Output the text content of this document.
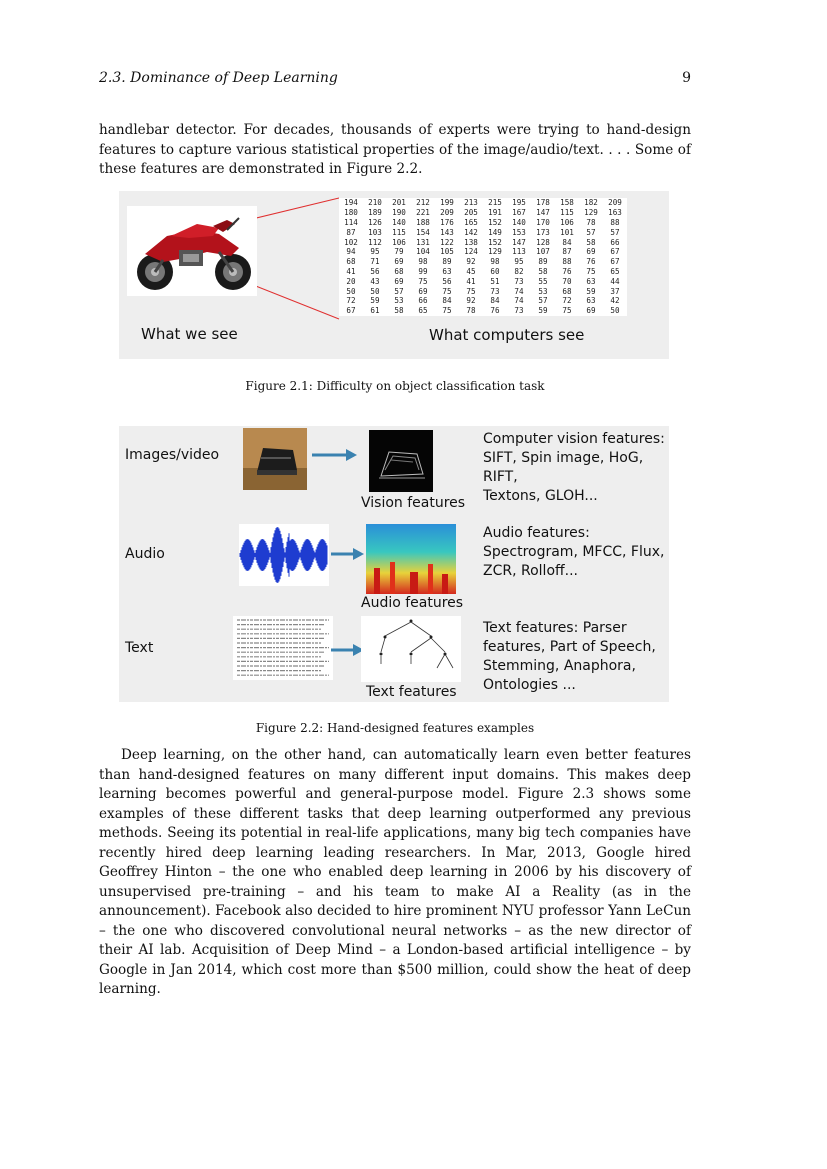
2.3. Dominance of Deep Learning	9
handlebar detector. For decades, thousands of experts were trying to hand-design features to capture various statistical properties of the image/audio/text. . . . Some of these features are demonstrated in Figure 2.2.
194	210	201	212	199	213	215	195	178	158	182	209
180	189	190	221	209	205	191	167	147	115	129	163
114	126	140	188	176	165	152	140	170	106	78	88
87	103	115	154	143	142	149	153	173	101	57	57
102	112	106	131	122	138	152	147	128	84	58	66
94	95	79	104	105	124	129	113	107	87	69	67
68	71	69	98	89	92	98	95	89	88	76	67
41	56	68	99	63	45	60	82	58	76	75	65
20	43	69	75	56	41	51	73	55	70	63	44
50	50	57	69	75	75	73	74	53	68	59	37
72	59	53	66	84	92	84	74	57	72	63	42
67	61	58	65	75	78	76	73	59	75	69	50
What we see	What computers see
Figure 2.1: Difficulty on object classification task
Images/video
Vision features
Computer vision features:
SIFT, Spin image, HoG, RIFT,
Textons, GLOH...
Audio
Audio features
Audio features:
Spectrogram, MFCC, Flux,
ZCR, Rolloff...
Text
Text features
Text features: Parser
features, Part of Speech,
Stemming, Anaphora,
Ontologies ...
Figure 2.2: Hand-designed features examples
Deep learning, on the other hand, can automatically learn even better features than hand-designed features on many different input domains. This makes deep learning becomes powerful and general-purpose model. Figure 2.3 shows some examples of these different tasks that deep learning outperformed any previous methods. Seeing its potential in real-life applications, many big tech companies have recently hired deep learning leading researchers. In Mar, 2013, Google hired Geoffrey Hinton – the one who enabled deep learning in 2006 by his discovery of unsupervised pre-training – and his team to make AI a Reality (as in the announcement). Facebook also decided to hire prominent NYU professor Yann LeCun – the one who discovered convolutional neural networks – as the new director of their AI lab. Acquisition of Deep Mind – a London-based artificial intelligence – by Google in Jan 2014, which cost more than $500 million, could show the heat of deep learning.
